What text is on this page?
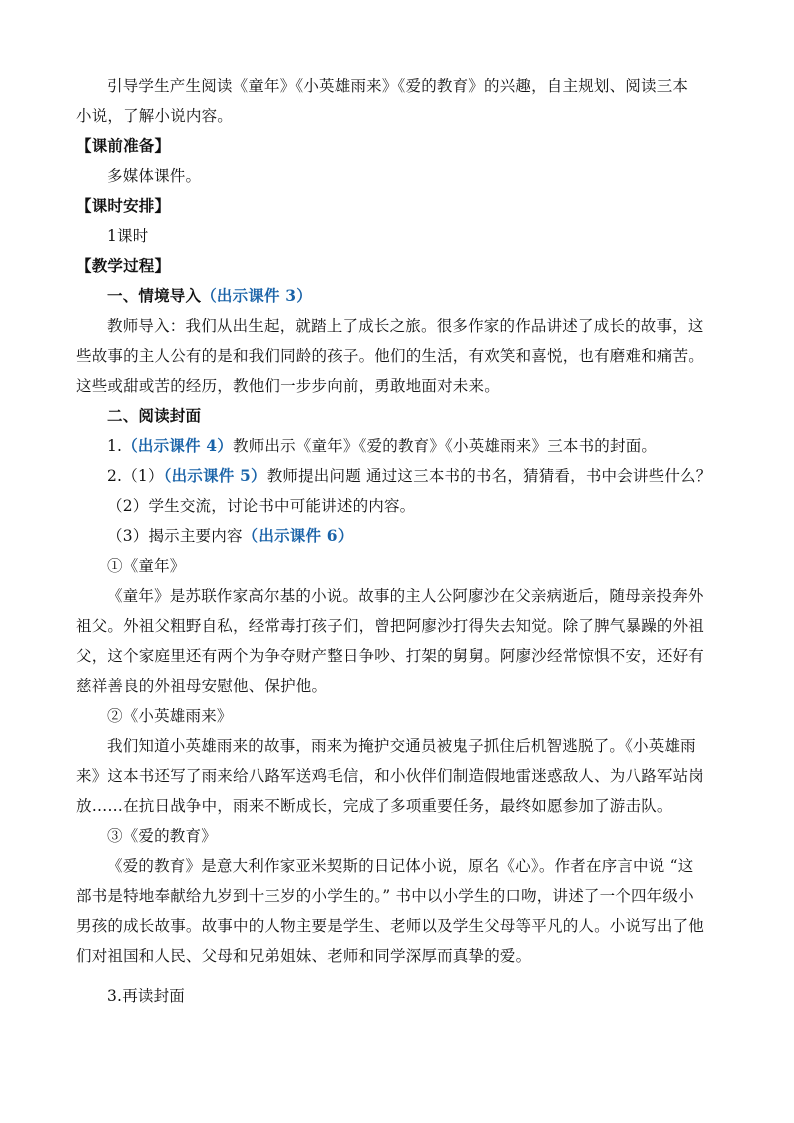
引导学生产生阅读《童年》《小英雄雨来》《爱的教育》的兴趣，自主规划、阅读三本
小说，了解小说内容。
【课前准备】
多媒体课件。
【课时安排】
1课时
【教学过程】
一、情境导入（出示课件 3）
教师导入：我们从出生起，就踏上了成长之旅。很多作家的作品讲述了成长的故事，这
些故事的主人公有的是和我们同龄的孩子。他们的生活，有欢笑和喜悦，也有磨难和痛苦。
这些或甜或苦的经历，教他们一步步向前，勇敢地面对未来。
二、阅读封面
1.（出示课件 4）教师出示《童年》《爱的教育》《小英雄雨来》三本书的封面。
2.（1）（出示课件 5）教师提出问题 通过这三本书的书名，猜猜看，书中会讲些什么？
（2）学生交流，讨论书中可能讲述的内容。
（3）揭示主要内容（出示课件 6）
①《童年》
《童年》是苏联作家高尔基的小说。故事的主人公阿廖沙在父亲病逝后，随母亲投奔外
祖父。外祖父粗野自私，经常毒打孩子们，曾把阿廖沙打得失去知觉。除了脾气暴躁的外祖
父，这个家庭里还有两个为争夺财产整日争吵、打架的舅舅。阿廖沙经常惊惧不安，还好有
慈祥善良的外祖母安慰他、保护他。
②《小英雄雨来》
我们知道小英雄雨来的故事，雨来为掩护交通员被鬼子抓住后机智逃脱了。《小英雄雨
来》这本书还写了雨来给八路军送鸡毛信，和小伙伴们制造假地雷迷惑敌人、为八路军站岗
放……在抗日战争中，雨来不断成长，完成了多项重要任务，最终如愿参加了游击队。
③《爱的教育》
《爱的教育》是意大利作家亚米契斯的日记体小说，原名《心》。作者在序言中说 “这
部书是特地奉献给九岁到十三岁的小学生的。” 书中以小学生的口吻，讲述了一个四年级小
男孩的成长故事。故事中的人物主要是学生、老师以及学生父母等平凡的人。小说写出了他
们对祖国和人民、父母和兄弟姐妹、老师和同学深厚而真挚的爱。
3.再读封面
